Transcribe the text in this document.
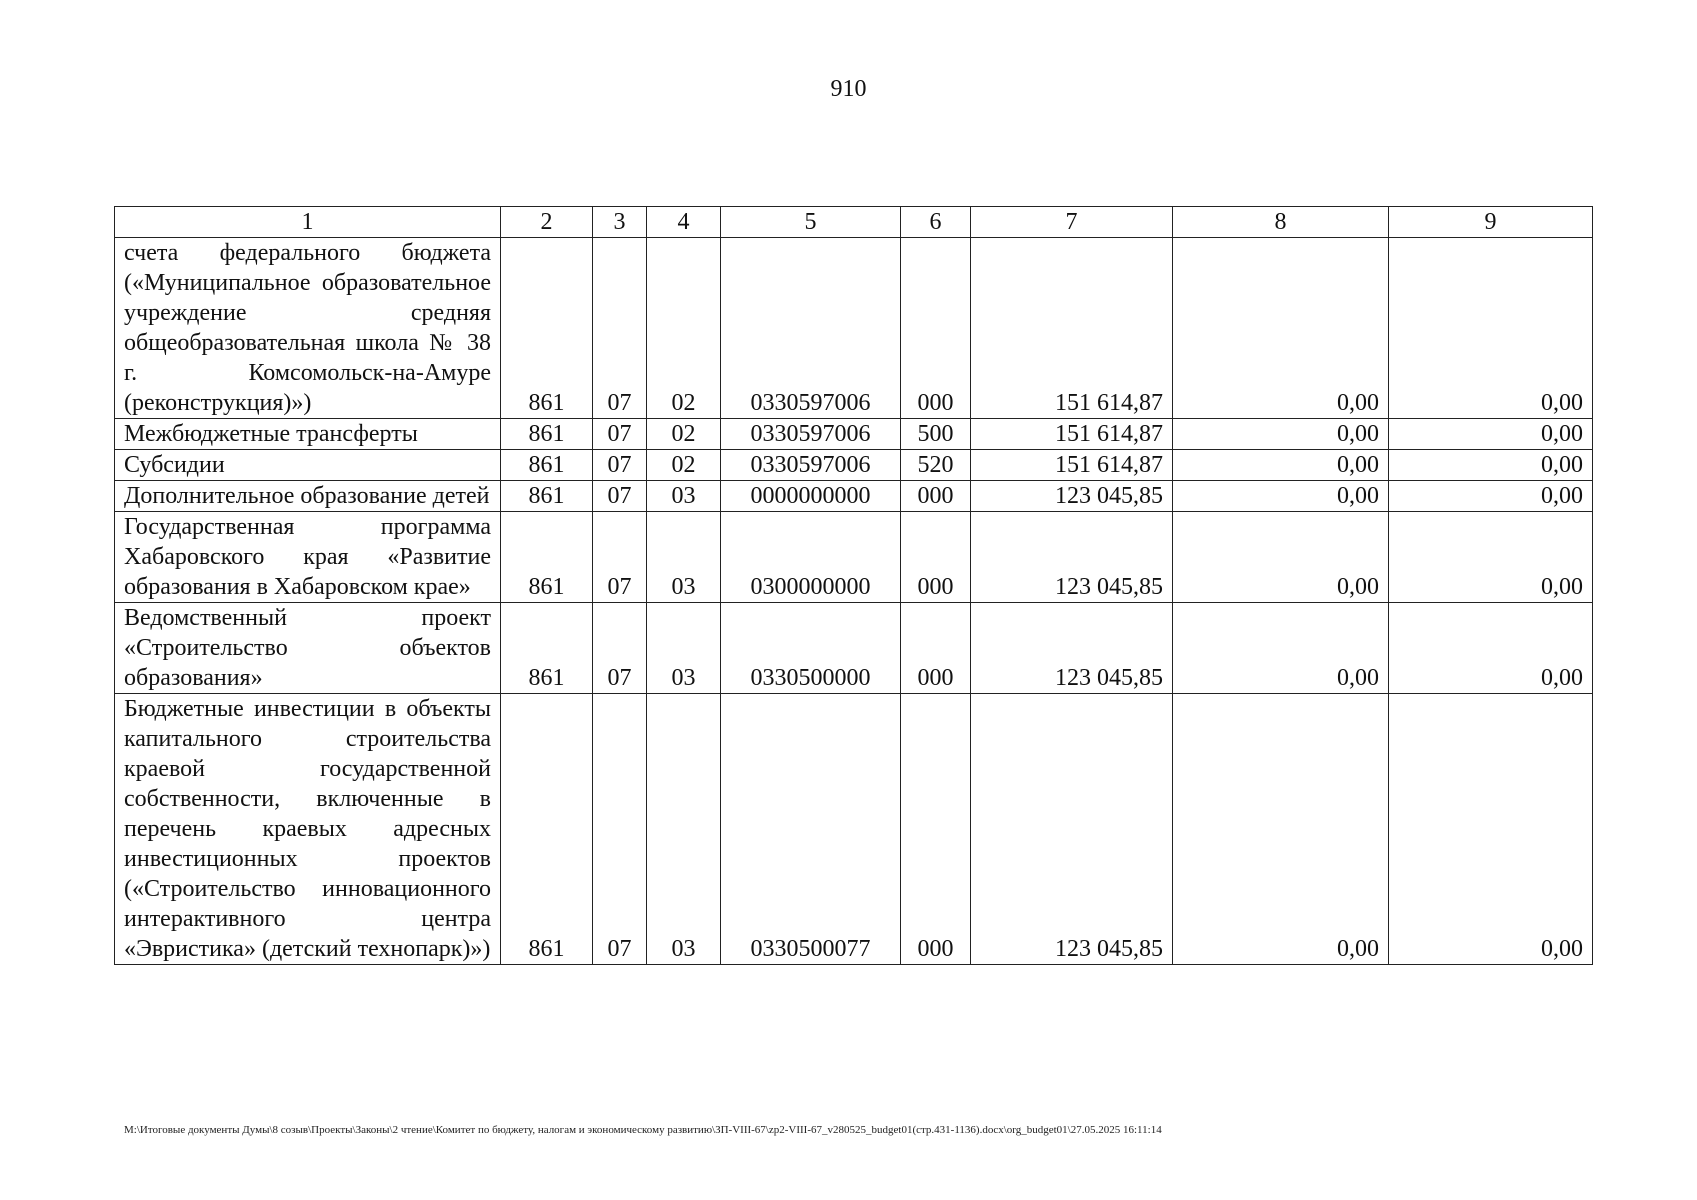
910
1	2	3	4	5	6	7	8	9
счета федерального бюджета («Муниципальное образовательное учреждение средняя общеобразовательная школа № 38 г. Комсомольск-на-Амуре (реконструкция)»)	861	07	02	0330597006	000	151 614,87	0,00	0,00
Межбюджетные трансферты	861	07	02	0330597006	500	151 614,87	0,00	0,00
Субсидии	861	07	02	0330597006	520	151 614,87	0,00	0,00
Дополнительное образование детей	861	07	03	0000000000	000	123 045,85	0,00	0,00
Государственная программа Хабаровского края «Развитие образования в Хабаровском крае»	861	07	03	0300000000	000	123 045,85	0,00	0,00
Ведомственный проект «Строительство объектов образования»	861	07	03	0330500000	000	123 045,85	0,00	0,00
Бюджетные инвестиции в объекты капитального строительства краевой государственной собственности, включенные в перечень краевых адресных инвестиционных проектов («Строительство инновационного интерактивного центра «Эвристика» (детский технопарк)»)	861	07	03	0330500077	000	123 045,85	0,00	0,00
М:\Итоговые документы Думы\8 созыв\Проекты\Законы\2 чтение\Комитет по бюджету, налогам и экономическому развитию\ЗП-VIII-67\zp2-VIII-67_v280525_budget01(стр.431-1136).docx\org_budget01\27.05.2025 16:11:14
